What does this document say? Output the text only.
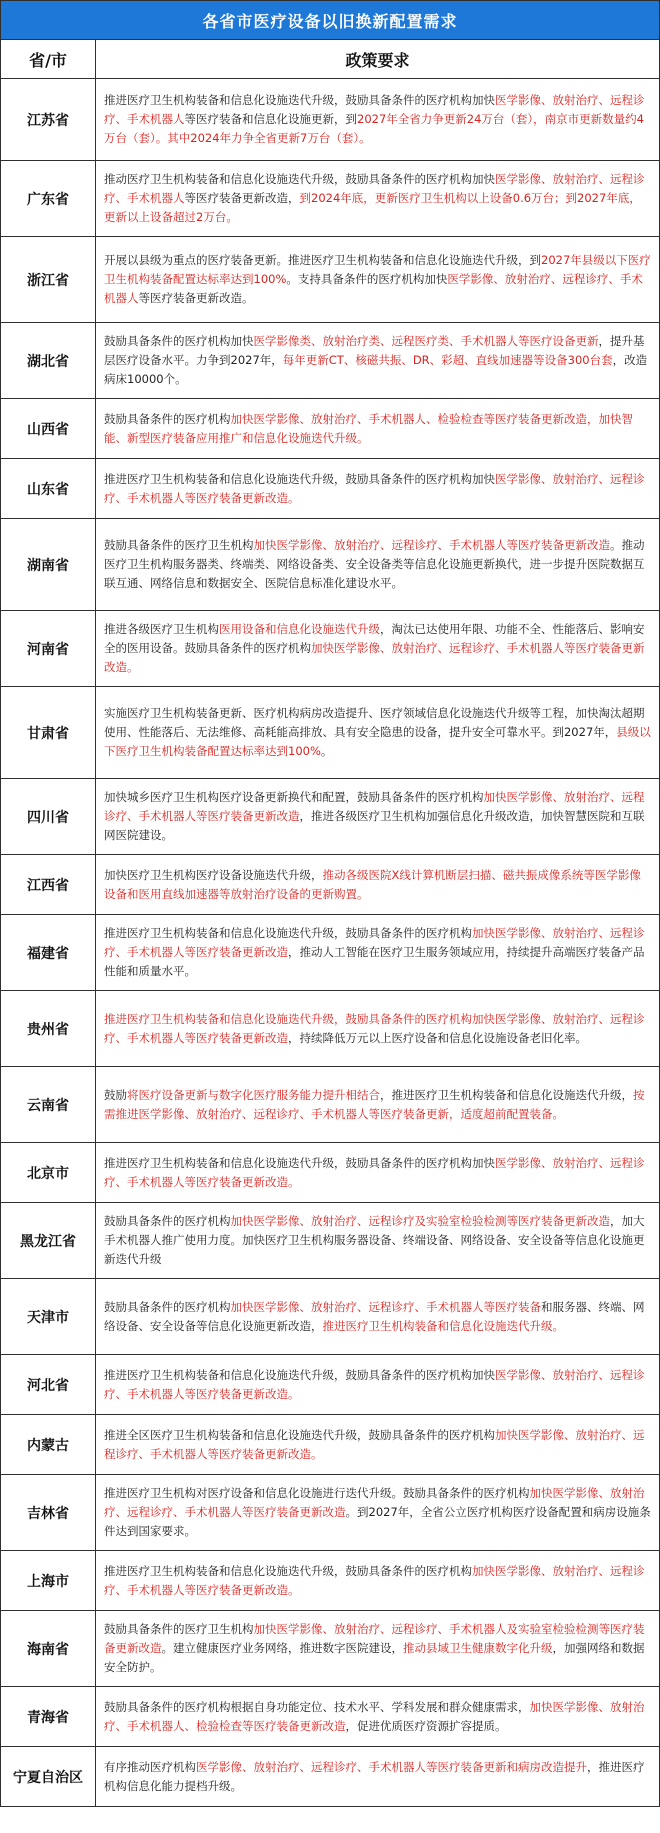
各省市医疗设备以旧换新配置需求
省/市	政策要求
江苏省

推进医疗卫生机构装备和信息化设施迭代升级，鼓励具备条件的医疗机构加快医学影像、放射治疗、远程诊疗、手术机器人等医疗装备和信息化设施更新，到2027年全省力争更新24万台（套），南京市更新数量约4万台（套）。其中2024年力争全省更新7万台（套）。

广东省

推动医疗卫生机构装备和信息化设施迭代升级，鼓励具备条件的医疗机构加快医学影像、放射治疗、远程诊疗、手术机器人等医疗装备更新改造，到2024年底，更新医疗卫生机构以上设备0.6万台；到2027年底，更新以上设备超过2万台。

浙江省

开展以县级为重点的医疗装备更新。推进医疗卫生机构装备和信息化设施迭代升级，到2027年县级以下医疗卫生机构装备配置达标率达到100%。支持具备条件的医疗机构加快医学影像、放射治疗、远程诊疗、手术机器人等医疗装备更新改造。

湖北省

鼓励具备条件的医疗机构加快医学影像类、放射治疗类、远程医疗类、手术机器人等医疗设备更新，提升基层医疗设备水平。力争到2027年，每年更新CT、核磁共振、DR、彩超、直线加速器等设备300台套，改造病床10000个。

山西省

鼓励具备条件的医疗机构加快医学影像、放射治疗、手术机器人、检验检查等医疗装备更新改造，加快智能、新型医疗装备应用推广和信息化设施迭代升级。

山东省

推进医疗卫生机构装备和信息化设施迭代升级，鼓励具备条件的医疗机构加快医学影像、放射治疗、远程诊疗、手术机器人等医疗装备更新改造。

湖南省

鼓励具备条件的医疗卫生机构加快医学影像、放射治疗、远程诊疗、手术机器人等医疗装备更新改造。推动医疗卫生机构服务器类、终端类、网络设备类、安全设备类等信息化设施更新换代，进一步提升医院数据互联互通、网络信息和数据安全、医院信息标准化建设水平。

河南省

推进各级医疗卫生机构医用设备和信息化设施迭代升级，淘汰已达使用年限、功能不全、性能落后、影响安全的医用设备。鼓励具备条件的医疗机构加快医学影像、放射治疗、远程诊疗、手术机器人等医疗装备更新改造。

甘肃省

实施医疗卫生机构装备更新、医疗机构病房改造提升、医疗领域信息化设施迭代升级等工程，加快淘汰超期使用、性能落后、无法维修、高耗能高排放、具有安全隐患的设备，提升安全可靠水平。到2027年，县级以下医疗卫生机构装备配置达标率达到100%。

四川省

加快城乡医疗卫生机构医疗设备更新换代和配置，鼓励具备条件的医疗机构加快医学影像、放射治疗、远程诊疗、手术机器人等医疗装备更新改造，推进各级医疗卫生机构加强信息化升级改造，加快智慧医院和互联网医院建设。

江西省

加快医疗卫生机构医疗设备设施迭代升级，推动各级医院X线计算机断层扫描、磁共振成像系统等医学影像设备和医用直线加速器等放射治疗设备的更新购置。

福建省

推进医疗卫生机构装备和信息化设施迭代升级，鼓励具备条件的医疗机构加快医学影像、放射治疗、远程诊疗、手术机器人等医疗装备更新改造，推动人工智能在医疗卫生服务领域应用，持续提升高端医疗装备产品性能和质量水平。

贵州省

推进医疗卫生机构装备和信息化设施迭代升级，鼓励具备条件的医疗机构加快医学影像、放射治疗、远程诊疗、手术机器人等医疗装备更新改造，持续降低万元以上医疗设备和信息化设施设备老旧化率。

云南省

鼓励将医疗设备更新与数字化医疗服务能力提升相结合，推进医疗卫生机构装备和信息化设施迭代升级，按需推进医学影像、放射治疗、远程诊疗、手术机器人等医疗装备更新，适度超前配置装备。

北京市

推进医疗卫生机构装备和信息化设施迭代升级，鼓励具备条件的医疗机构加快医学影像、放射治疗、远程诊疗、手术机器人等医疗装备更新改造。

黑龙江省

鼓励具备条件的医疗机构加快医学影像、放射治疗、远程诊疗及实验室检验检测等医疗装备更新改造，加大手术机器人推广使用力度。加快医疗卫生机构服务器设备、终端设备、网络设备、安全设备等信息化设施更新迭代升级

天津市

鼓励具备条件的医疗机构加快医学影像、放射治疗、远程诊疗、手术机器人等医疗装备和服务器、终端、网络设备、安全设备等信息化设施更新改造，推进医疗卫生机构装备和信息化设施迭代升级。

河北省

推进医疗卫生机构装备和信息化设施迭代升级，鼓励具备条件的医疗机构加快医学影像、放射治疗、远程诊疗、手术机器人等医疗装备更新改造。

内蒙古

推进全区医疗卫生机构装备和信息化设施迭代升级，鼓励具备条件的医疗机构加快医学影像、放射治疗、远程诊疗、手术机器人等医疗装备更新改造。

吉林省

推进医疗卫生机构对医疗设备和信息化设施进行迭代升级。鼓励具备条件的医疗机构加快医学影像、放射治疗、远程诊疗、手术机器人等医疗装备更新改造。到2027年，全省公立医疗机构医疗设备配置和病房设施条件达到国家要求。

上海市

推进医疗卫生机构装备和信息化设施迭代升级，鼓励具备条件的医疗机构加快医学影像、放射治疗、远程诊疗、手术机器人等医疗装备更新改造。

海南省

鼓励具备条件的医疗卫生机构加快医学影像、放射治疗、远程诊疗、手术机器人及实验室检验检测等医疗装备更新改造。建立健康医疗业务网络，推进数字医院建设，推动县域卫生健康数字化升级，加强网络和数据安全防护。

青海省

鼓励具备条件的医疗机构根据自身功能定位、技术水平、学科发展和群众健康需求，加快医学影像、放射治疗、手术机器人、检验检查等医疗装备更新改造，促进优质医疗资源扩容提质。

宁夏自治区

有序推动医疗机构医学影像、放射治疗、远程诊疗、手术机器人等医疗装备更新和病房改造提升，推进医疗机构信息化能力提档升级。
